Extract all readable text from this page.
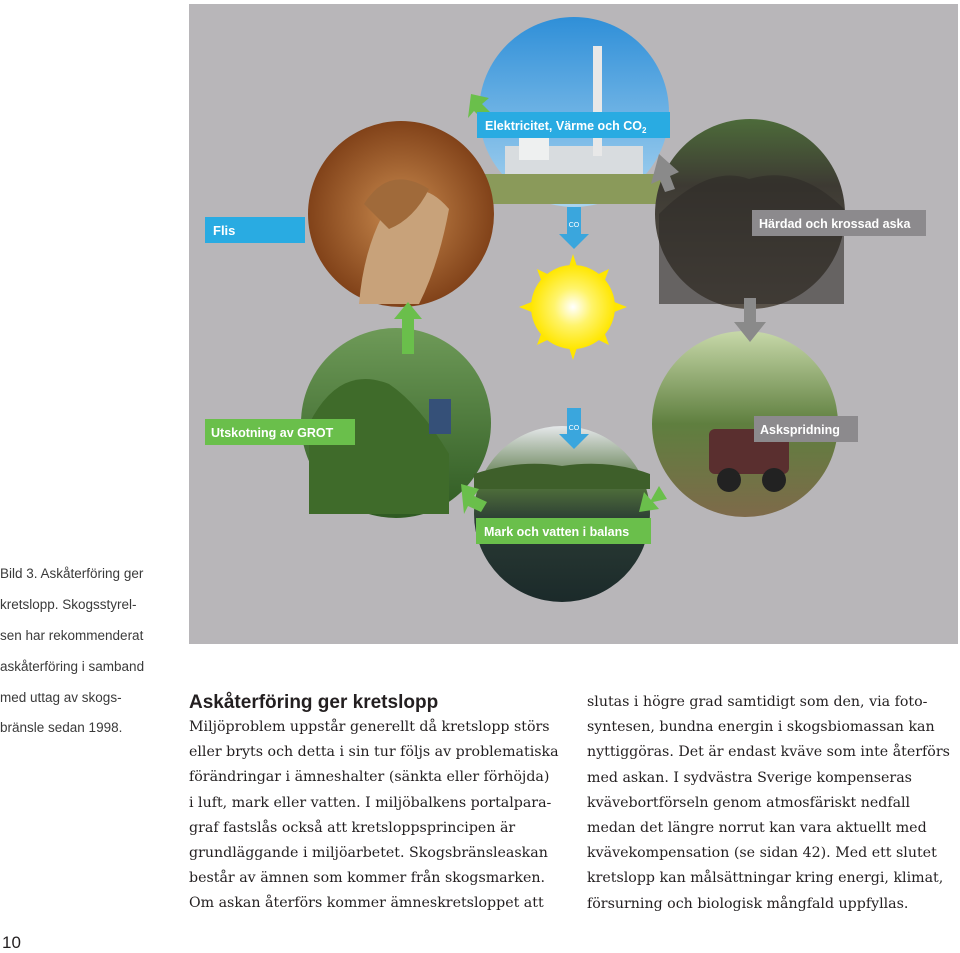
CO
CO
Flis
Elektricitet, Värme och $CO_2$
Härdad och krossad aska
Utskotning av GROT	Askspridning
Mark och vatten i balans

Bild 3. Askåterföring ger

kretslopp. Skogsstyrel-

sen har rekommenderat

askåterföring i samband

med uttag av skogs-

bränsle sedan 1998.

Askåterföring ger kretslopp
Miljöproblem uppstår generellt då kretslopp störs
eller bryts och detta i sin tur följs av problematiska
förändringar i ämneshalter (sänkta eller förhöjda)
i luft, mark eller vatten. I miljöbalkens portalpara-
graf fastslås också att kretsloppsprincipen är
grundläggande i miljöarbetet. Skogsbränsleaskan
består av ämnen som kommer från skogsmarken.
Om askan återförs kommer ämneskretsloppet att
slutas i högre grad samtidigt som den, via foto-
syntesen, bundna energin i skogsbiomassan kan
nyttiggöras. Det är endast kväve som inte återförs
med askan. I sydvästra Sverige kompenseras
kvävebortförseln genom atmosfäriskt nedfall
medan det längre norrut kan vara aktuellt med
kvävekompensation (se sidan 42). Med ett slutet
kretslopp kan målsättningar kring energi, klimat,
försurning och biologisk mångfald uppfyllas.
10
